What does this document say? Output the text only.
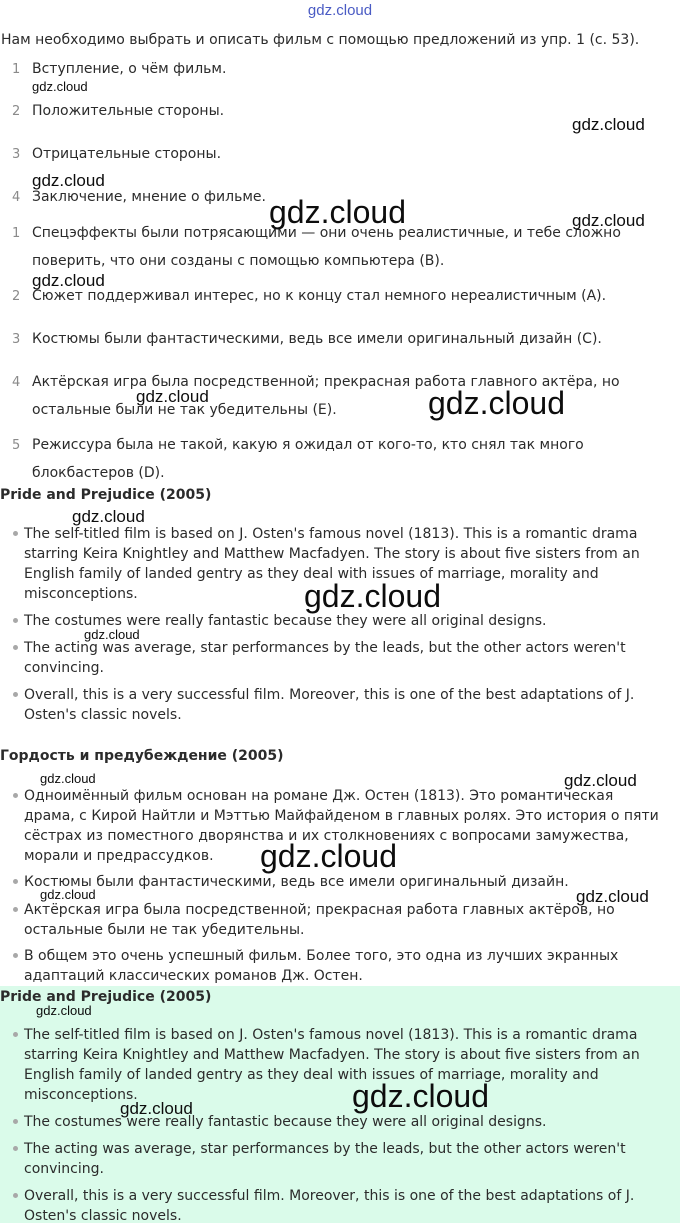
gdz.cloud
Нам необходимо выбрать и описать фильм с помощью предложений из упр. 1 (с. 53).
1 Вступление, о чём фильм.
2 Положительные стороны.
3 Отрицательные стороны.
4 Заключение, мнение о фильме.
1 Спецэффекты были потрясающими — они очень реалистичные, и тебе сложно поверить, что они созданы с помощью компьютера (B).
2 Сюжет поддерживал интерес, но к концу стал немного нереалистичным (A).
3 Костюмы были фантастическими, ведь все имели оригинальный дизайн (C).
4 Актёрская игра была посредственной; прекрасная работа главного актёра, но остальные были не так убедительны (E).
5 Режиссура была не такой, какую я ожидал от кого-то, кто снял так много блокбастеров (D).
Pride and Prejudice (2005)
The self-titled film is based on J. Osten's famous novel (1813). This is a romantic drama starring Keira Knightley and Matthew Macfadyen. The story is about five sisters from an English family of landed gentry as they deal with issues of marriage, morality and misconceptions.
The costumes were really fantastic because they were all original designs.
The acting was average, star performances by the leads, but the other actors weren't convincing.
Overall, this is a very successful film. Moreover, this is one of the best adaptations of J. Osten's classic novels.
Гордость и предубеждение (2005)
Одноимённый фильм основан на романе Дж. Остен (1813). Это романтическая драма, с Кирой Найтли и Мэттью Майфайденом в главных ролях. Это история о пяти сёстрах из поместного дворянства и их столкновениях с вопросами замужества, морали и предрассудков.
Костюмы были фантастическими, ведь все имели оригинальный дизайн.
Актёрская игра была посредственной; прекрасная работа главных актёров, но остальные были не так убедительны.
В общем это очень успешный фильм. Более того, это одна из лучших экранных адаптаций классических романов Дж. Остен.
Pride and Prejudice (2005)
The self-titled film is based on J. Osten's famous novel (1813). This is a romantic drama starring Keira Knightley and Matthew Macfadyen. The story is about five sisters from an English family of landed gentry as they deal with issues of marriage, morality and misconceptions.
The costumes were really fantastic because they were all original designs.
The acting was average, star performances by the leads, but the other actors weren't convincing.
Overall, this is a very successful film. Moreover, this is one of the best adaptations of J. Osten's classic novels.
gdz.cloud
gdz.cloud
gdz.cloud
gdz.cloud	gdz.cloud
gdz.cloud
gdz.cloud	gdz.cloud
gdz.cloud
gdz.cloud
gdz.cloud
gdz.cloud	gdz.cloud
gdz.cloud
gdz.cloud	gdz.cloud
gdz.cloud
gdz.cloud
gdz.cloud
